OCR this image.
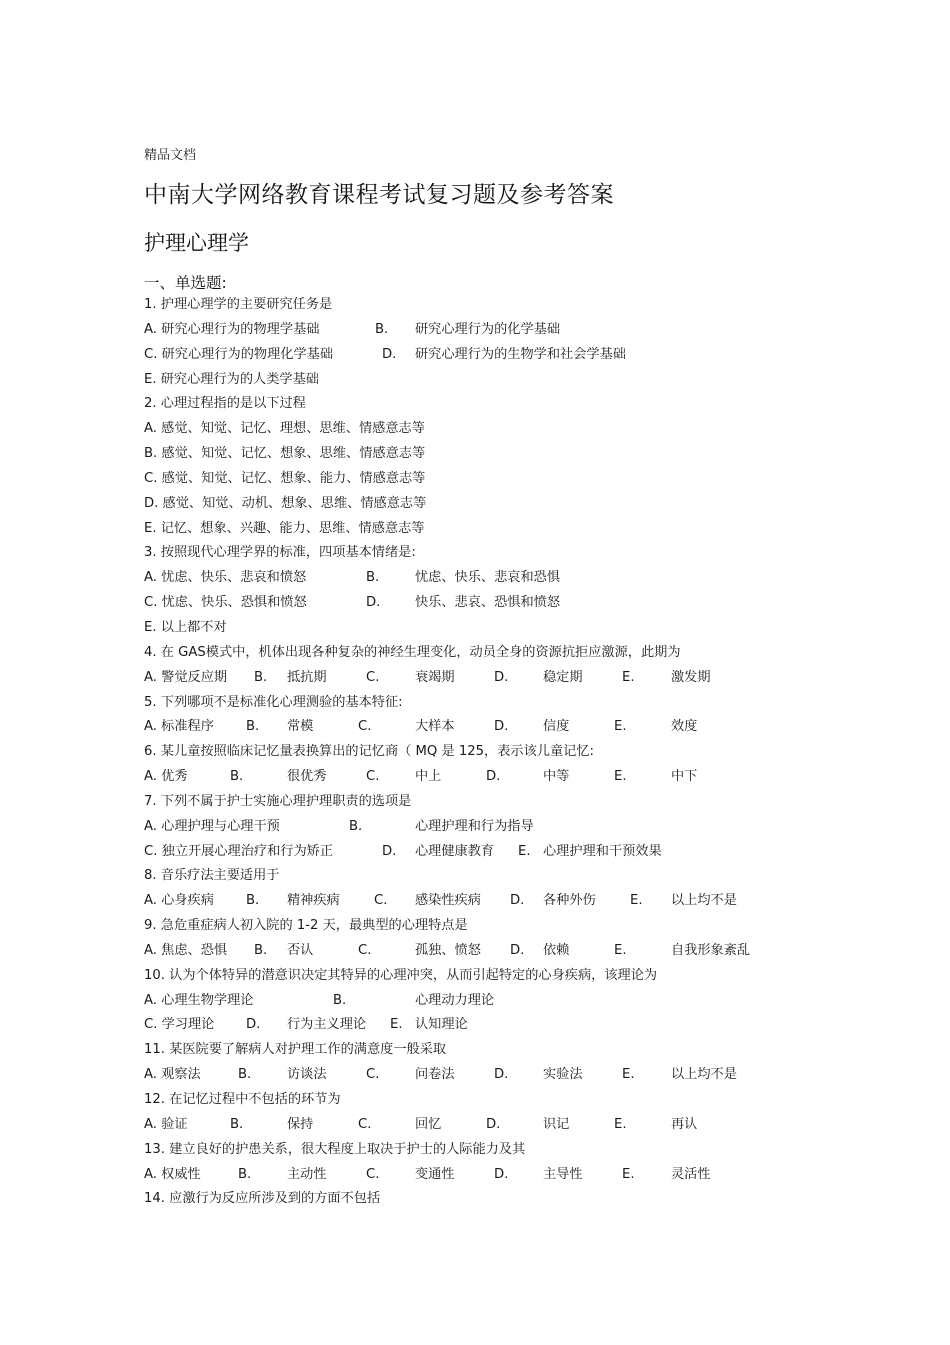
精品文档
中南大学网络教育课程考试复习题及参考答案
护理心理学
一、单选题:
1. 护理心理学的主要研究任务是
A. 研究心理行为的物理学基础	B. 研究心理行为的化学基础
C. 研究心理行为的物理化学基础	D. 研究心理行为的生物学和社会学基础
E. 研究心理行为的人类学基础
2. 心理过程指的是以下过程
A. 感觉、知觉、记忆、理想、思维、情感意志等
B. 感觉、知觉、记忆、想象、思维、情感意志等
C. 感觉、知觉、记忆、想象、能力、情感意志等
D. 感觉、知觉、动机、想象、思维、情感意志等
E. 记忆、想象、兴趣、能力、思维、情感意志等
3. 按照现代心理学界的标准，四项基本情绪是:
A. 忧虑、快乐、悲哀和愤怒	B.	忧虑、快乐、悲哀和恐惧
C. 忧虑、快乐、恐惧和愤怒	D.	快乐、悲哀、恐惧和愤怒
E. 以上都不对
4. 在 GAS模式中，机体出现各种复杂的神经生理变化，动员全身的资源抗拒应激源，此期为
A. 警觉反应期 B. 抵抗期	C.	衰竭期	D.	稳定期	E.	激发期
5. 下列哪项不是标准化心理测验的基本特征:
A. 标准程序 B. 常模	C.	大样本	D.	信度	E.	效度
6. 某儿童按照临床记忆量表换算出的记忆商（ MQ 是 125，表示该儿童记忆:
A. 优秀	B.	很优秀	C.	中上	D.	中等	E.	中下
7. 下列不属于护士实施心理护理职责的选项是
A. 心理护理与心理干预	B.	心理护理和行为指导
C. 独立开展心理治疗和行为矫正	D. 心理健康教育 E. 心理护理和干预效果
8. 音乐疗法主要适用于
A. 心身疾病 B. 精神疾病	C. 感染性疾病 D. 各种外伤	E. 以上均不是
9. 急危重症病人初入院的 1-2 天，最典型的心理特点是
A. 焦虑、恐惧 B. 否认	C.	孤独、愤怒 D. 依赖	E.	自我形象紊乱
10. 认为个体特异的潜意识决定其特异的心理冲突，从而引起特定的心身疾病，该理论为
A. 心理生物学理论	B.	心理动力理论
C. 学习理论 D. 行为主义理论 E. 认知理论
11. 某医院要了解病人对护理工作的满意度一般采取
A. 观察法	B.	访谈法	C.	问卷法	D.	实验法	E.	以上均不是
12. 在记忆过程中不包括的环节为
A. 验证	B.	保持	C.	回忆	D.	识记	E.	再认
13. 建立良好的护患关系，很大程度上取决于护士的人际能力及其
A. 权威性	B.	主动性	C.	变通性	D.	主导性	E.	灵活性
14. 应激行为反应所涉及到的方面不包括
